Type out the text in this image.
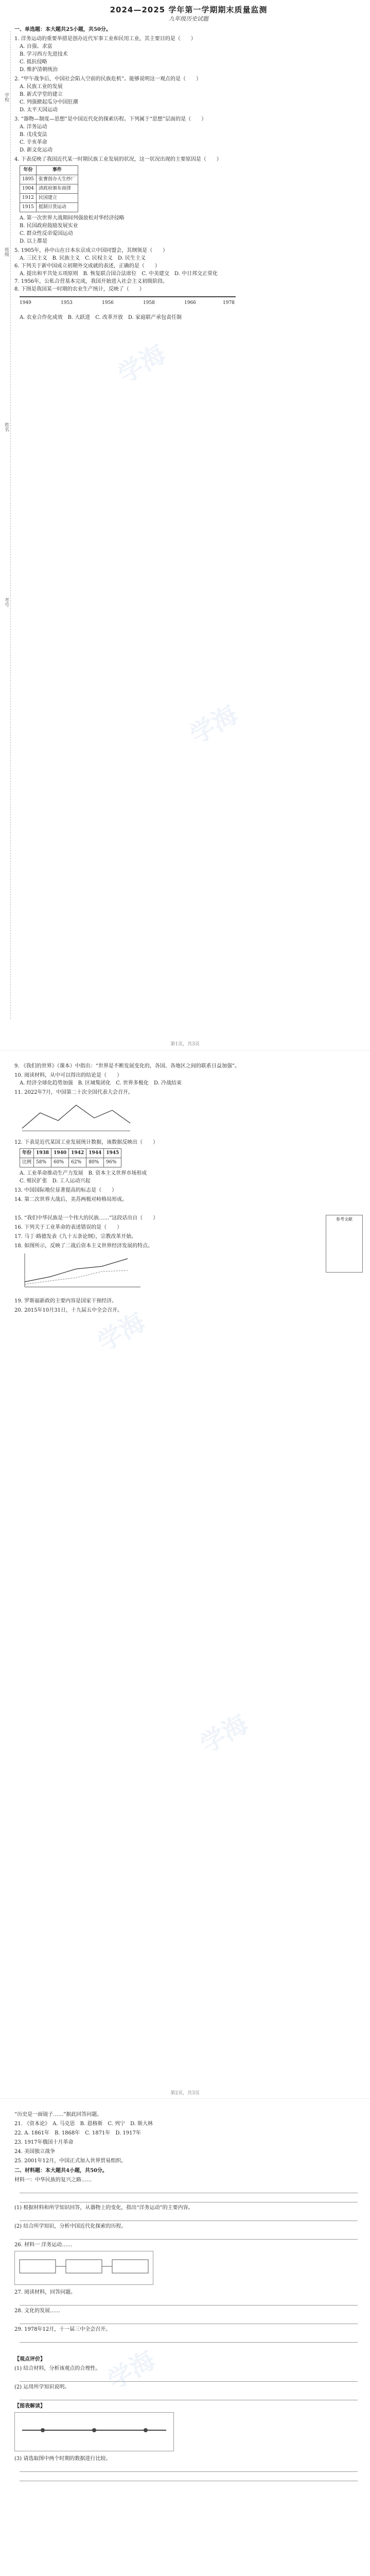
学校
班级
姓名
考号
2024—2025 学年第一学期期末质量监测
九年级历史试题
一、单选题：本大题共25小题，共50分。
1. 洋务运动的重要举措是创办近代军事工业和民用工业，其主要目的是（　　）
A. 自强、求富
B. 学习西方先进技术
C. 抵抗侵略
D. 维护清朝统治
2. “甲午战争后，中国社会陷入空前的民族危机”。能够说明这一观点的是（　　）
A. 民族工业的发展
B. 新式学堂的建立
C. 列强掀起瓜分中国狂潮
D. 太平天国运动
3. “器物—制度—思想”是中国近代化的探索历程。下列属于“思想”层面的是（　　）
A. 洋务运动
B. 戊戌变法
C. 辛亥革命
D. 新文化运动
4. 下表反映了我国近代某一时期民族工业发展的状况，这一状况出现的主要原因是（　　）
年份	事件
1895	张謇创办大生纱厂
1904	清政府颁布商律
1912	民国建立
1915	抵制日货运动
A. 第一次世界大战期间列强放松对华经济侵略
B. 民国政府鼓励发展实业
C. 群众性反帝爱国运动
D. 以上都是
5. 1905年，孙中山在日本东京成立中国同盟会，其纲领是（　　）
A. 三民主义　B. 民族主义　C. 民权主义　D. 民生主义
6. 下列关于新中国成立初期外交成就的表述，正确的是（　　）
A. 提出和平共处五项原则　B. 恢复联合国合法席位　C. 中美建交　D. 中日邦交正常化
7. 1956年，公私合营基本完成，我国开始进入社会主义初级阶段。
8. 下图是我国某一时期的农业生产统计，反映了（　　）
1949	1953	1956	1958	1966	1978
A. 农业合作化成效　B. 大跃进　C. 改革开放　D. 家庭联产承包责任制
学海
学海
第1页，共3页
9. 《我们的世界》（课本）中指出：“世界是不断发展变化的，各国、各地区之间的联系日益加强”。
10. 阅读材料，从中可以得出的结论是（　　）
A. 经济全球化趋势加强　B. 区域集团化　C. 世界多极化　D. 冷战结束
11. 2022年7月，中国第二十次全国代表大会召开。
12. 下表是近代某国工业发展统计数据，该数据反映出（　　）
年份	1938	1940	1942	1944	1945
比例	58%	60%	62%	80%	96%
A. 工业革命推动生产力发展　B. 资本主义世界市场形成
C. 殖民扩张　D. 工人运动兴起
13. 中国国际地位显著提高的标志是（　　）
14. 第二次世界大战后，美苏两极对峙格局形成。
参考文献
15. “我们中华民族是一个伟大的民族……”这段话出自（　　）
16. 下列关于工业革命的表述错误的是（　　）
17. 马丁·路德发表《九十五条论纲》，宗教改革开始。
18. 如图所示，反映了二战后资本主义世界经济发展的特点。
19. 罗斯福新政的主要内容是国家干预经济。
20. 2015年10月31日，十九届五中全会召开。
学海
学海
第2页，共3页
“历史是一面镜子……”据此回答问题。
21. 《资本论》　A. 马克思　B. 恩格斯　C. 列宁　D. 斯大林
22. A. 1861年　B. 1868年　C. 1871年　D. 1917年
23. 1917年俄国十月革命
24. 美国独立战争
25. 2001年12月，中国正式加入世界贸易组织。
二、材料题：本大题共4小题，共50分。
材料一：中华民族的复兴之路……
(1) 根据材料和所学知识回答，从器物上的变化，指出“洋务运动”的主要内容。
(2) 结合所学知识，分析中国近代化探索的历程。
26. 材料一 洋务运动……
27. 阅读材料，回答问题。
28. 文化的发展……
29. 1978年12月，十一届三中全会召开。
【观点评价】
(1) 结合材料，分析该观点的合理性。
(2) 运用所学知识说明。
【图表解读】
(3) 请选取图中两个时期的数据进行比较。
学海
